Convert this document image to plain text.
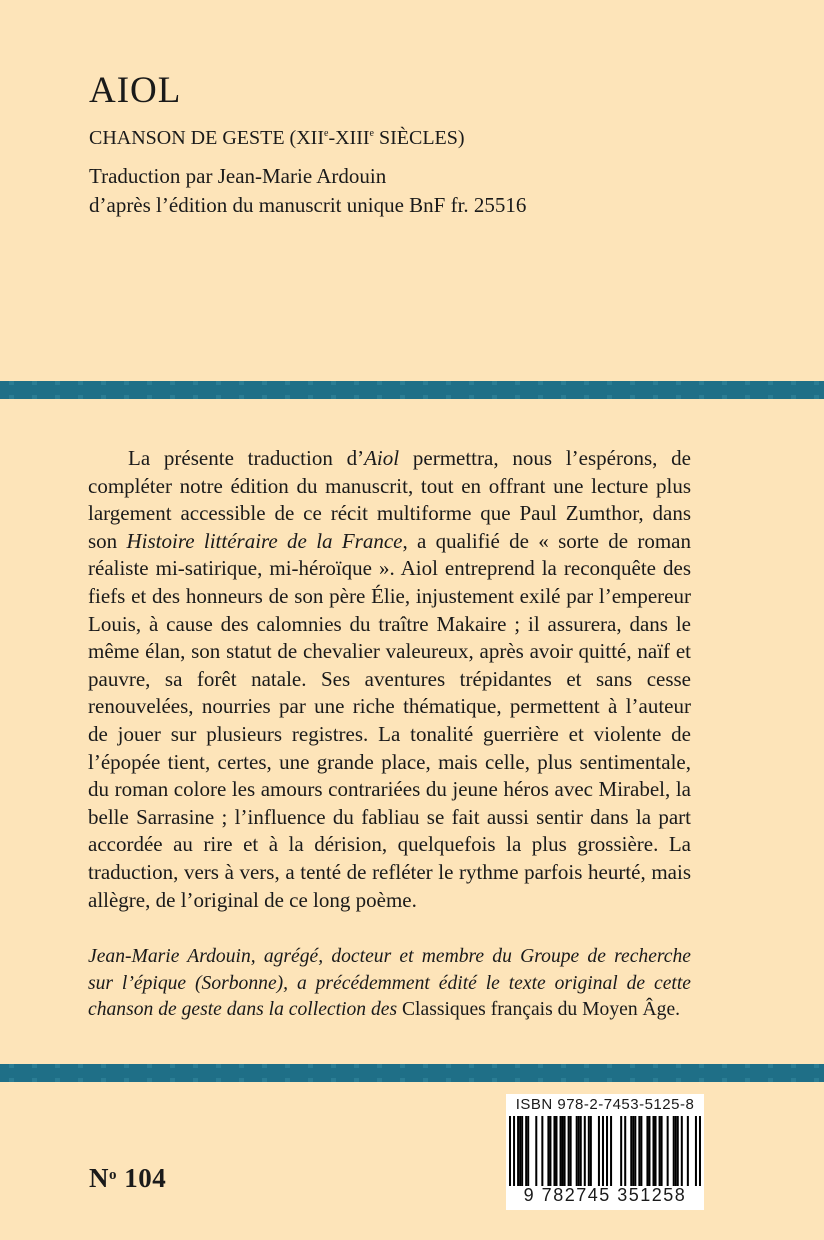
AIOL
CHANSON DE GESTE (XIIe-XIIIe SIÈCLES)
Traduction par Jean-Marie Ardouin
d’après l’édition du manuscrit unique BnF fr. 25516

La présente traduction d’Aiol permettra, nous l’espérons, de compléter notre édition du manuscrit, tout en offrant une lecture plus largement accessible de ce récit multiforme que Paul Zumthor, dans son Histoire littéraire de la France, a qualifié de « sorte de roman réaliste mi-satirique, mi-héroïque ». Aiol entreprend la reconquête des fiefs et des honneurs de son père Élie, injustement exilé par l’empereur Louis, à cause des calomnies du traître Makaire ; il assurera, dans le même élan, son statut de chevalier valeureux, après avoir quitté, naïf et pauvre, sa forêt natale. Ses aventures trépidantes et sans cesse renouvelées, nourries par une riche thématique, permettent à l’auteur de jouer sur plusieurs registres. La tonalité guerrière et violente de l’épopée tient, certes, une grande place, mais celle, plus sentimentale, du roman colore les amours contrariées du jeune héros avec Mirabel, la belle Sarrasine ; l’influence du fabliau se fait aussi sentir dans la part accordée au rire et à la dérision, quelquefois la plus grossière. La traduction, vers à vers, a tenté de refléter le rythme parfois heurté, mais allègre, de l’original de ce long poème.

Jean-Marie Ardouin, agrégé, docteur et membre du Groupe de recherche sur l’épique (Sorbonne), a précédemment édité le texte original de cette chanson de geste dans la collection des Classiques français du Moyen Âge.
$N^o$ 104
ISBN 978-2-7453-5125-8
9 782745 351258
